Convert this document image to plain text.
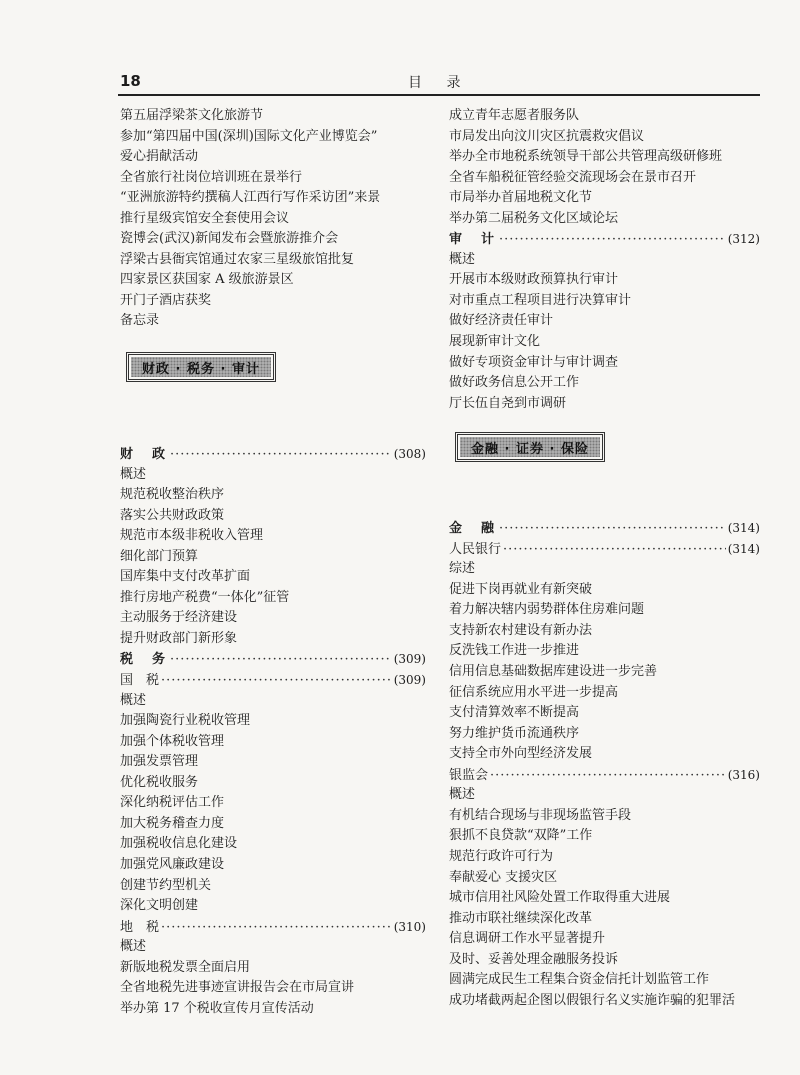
18	目 录
第五届浮梁茶文化旅游节
参加“第四届中国(深圳)国际文化产业博览会”
爱心捐献活动
全省旅行社岗位培训班在景举行
“亚洲旅游特约撰稿人江西行写作采访团”来景
推行星级宾馆安全套使用会议
瓷博会(武汉)新闻发布会暨旅游推介会
浮梁古县衙宾馆通过农家三星级旅馆批复
四家景区获国家 A 级旅游景区
开门子酒店获奖
备忘录
财政 · 税务 · 审计
财　政 ·····	(308)
概述
规范税收整治秩序
落实公共财政政策
规范市本级非税收入管理
细化部门预算
国库集中支付改革扩面
推行房地产税费“一体化”征管
主动服务于经济建设
提升财政部门新形象
税　务 ·····	(309)
国　税 ·····	(309)
概述
加强陶瓷行业税收管理
加强个体税收管理
加强发票管理
优化税收服务
深化纳税评估工作
加大税务稽查力度
加强税收信息化建设
加强党风廉政建设
创建节约型机关
深化文明创建
地　税 ·····	(310)
概述
新版地税发票全面启用
全省地税先进事迹宣讲报告会在市局宣讲
举办第 17 个税收宣传月宣传活动
成立青年志愿者服务队
市局发出向汶川灾区抗震救灾倡议
举办全市地税系统领导干部公共管理高级研修班
全省车船税征管经验交流现场会在景市召开
市局举办首届地税文化节
举办第二届税务文化区域论坛
审　计 ·····	(312)
概述
开展市本级财政预算执行审计
对市重点工程项目进行决算审计
做好经济责任审计
展现新审计文化
做好专项资金审计与审计调查
做好政务信息公开工作
厅长伍自尧到市调研
金融 · 证券 · 保险
金　融 ·····	(314)
人民银行 ·····	(314)
综述
促进下岗再就业有新突破
着力解决辖内弱势群体住房难问题
支持新农村建设有新办法
反洗钱工作进一步推进
信用信息基础数据库建设进一步完善
征信系统应用水平进一步提高
支付清算效率不断提高
努力维护货币流通秩序
支持全市外向型经济发展
银监会 ·····	(316)
概述
有机结合现场与非现场监管手段
狠抓不良贷款“双降”工作
规范行政许可行为
奉献爱心 支援灾区
城市信用社风险处置工作取得重大进展
推动市联社继续深化改革
信息调研工作水平显著提升
及时、妥善处理金融服务投诉
圆满完成民生工程集合资金信托计划监管工作
成功堵截两起企图以假银行名义实施诈骗的犯罪活
